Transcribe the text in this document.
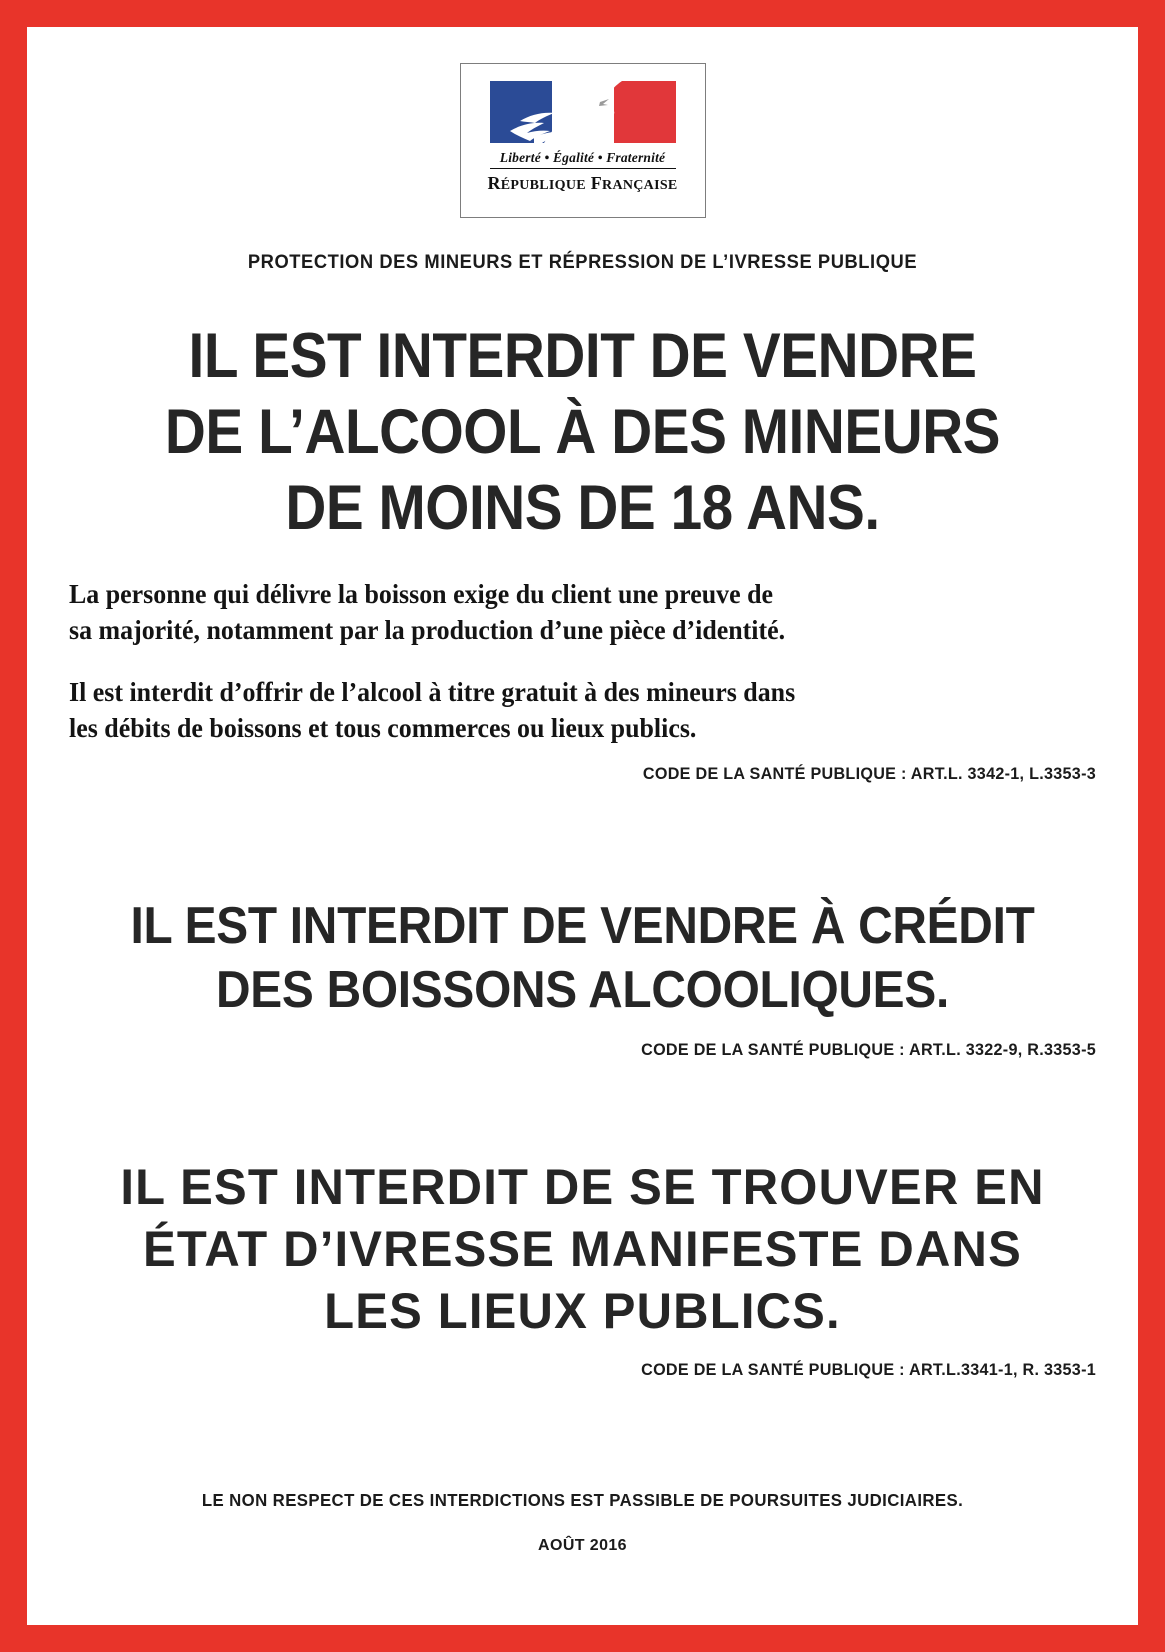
Liberté • Égalité • Fraternité
RÉPUBLIQUE FRANÇAISE
PROTECTION DES MINEURS ET RÉPRESSION DE L’IVRESSE PUBLIQUE
IL EST INTERDIT DE VENDRE
DE L’ALCOOL À DES MINEURS
DE MOINS DE 18 ANS.

La personne qui délivre la boisson exige du client une preuve de
sa majorité, notamment par la production d’une pièce d’identité.

Il est interdit d’offrir de l’alcool à titre gratuit à des mineurs dans
les débits de boissons et tous commerces ou lieux publics.

CODE DE LA SANTÉ PUBLIQUE : ART.L. 3342-1, L.3353-3
IL EST INTERDIT DE VENDRE À CRÉDIT
DES BOISSONS ALCOOLIQUES.
CODE DE LA SANTÉ PUBLIQUE : ART.L. 3322-9, R.3353-5
IL EST INTERDIT DE SE TROUVER EN
ÉTAT D’IVRESSE MANIFESTE DANS
LES LIEUX PUBLICS.
CODE DE LA SANTÉ PUBLIQUE : ART.L.3341-1, R. 3353-1
LE NON RESPECT DE CES INTERDICTIONS EST PASSIBLE DE POURSUITES JUDICIAIRES.
AOÛT 2016
